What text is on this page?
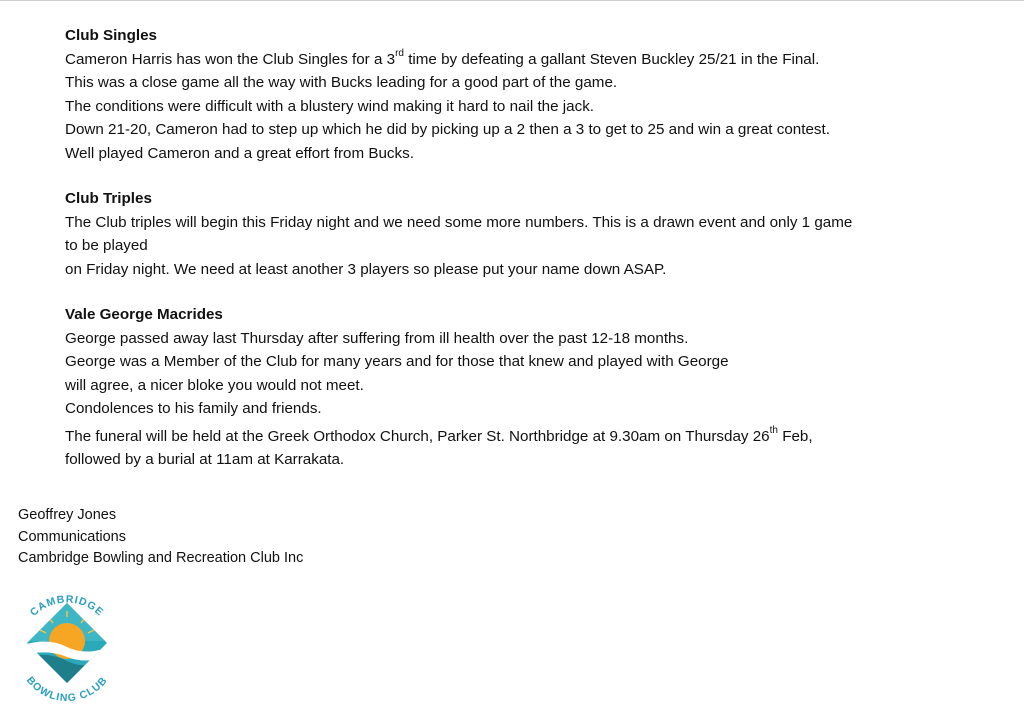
Club Singles

Cameron Harris has won the Club Singles for a 3rd time by defeating a gallant Steven Buckley 25/21 in the Final.

This was a close game all the way with Bucks leading for a good part of the game.

The conditions were difficult with a blustery wind making it hard to nail the jack.

Down 21-20, Cameron had to step up which he did by picking up a 2 then a 3 to get to 25 and win a great contest.

Well played Cameron and a great effort from Bucks.

Club Triples

The Club triples will begin this Friday night and we need some more numbers. This is a drawn event and only 1 game

to be played

on Friday night. We need at least another 3 players so please put your name down ASAP.

Vale George Macrides

George passed away last Thursday after suffering from ill health over the past 12-18 months.

George was a Member of the Club for many years and for those that knew and played with George

will agree, a nicer bloke you would not meet.

Condolences to his family and friends.

The funeral will be held at the Greek Orthodox Church, Parker St. Northbridge at 9.30am on Thursday 26th Feb,

followed by a burial at 11am at Karrakata.

Geoffrey Jones

Communications

Cambridge Bowling and Recreation Club Inc

CAMBRIDGE
BOWLING CLUB
